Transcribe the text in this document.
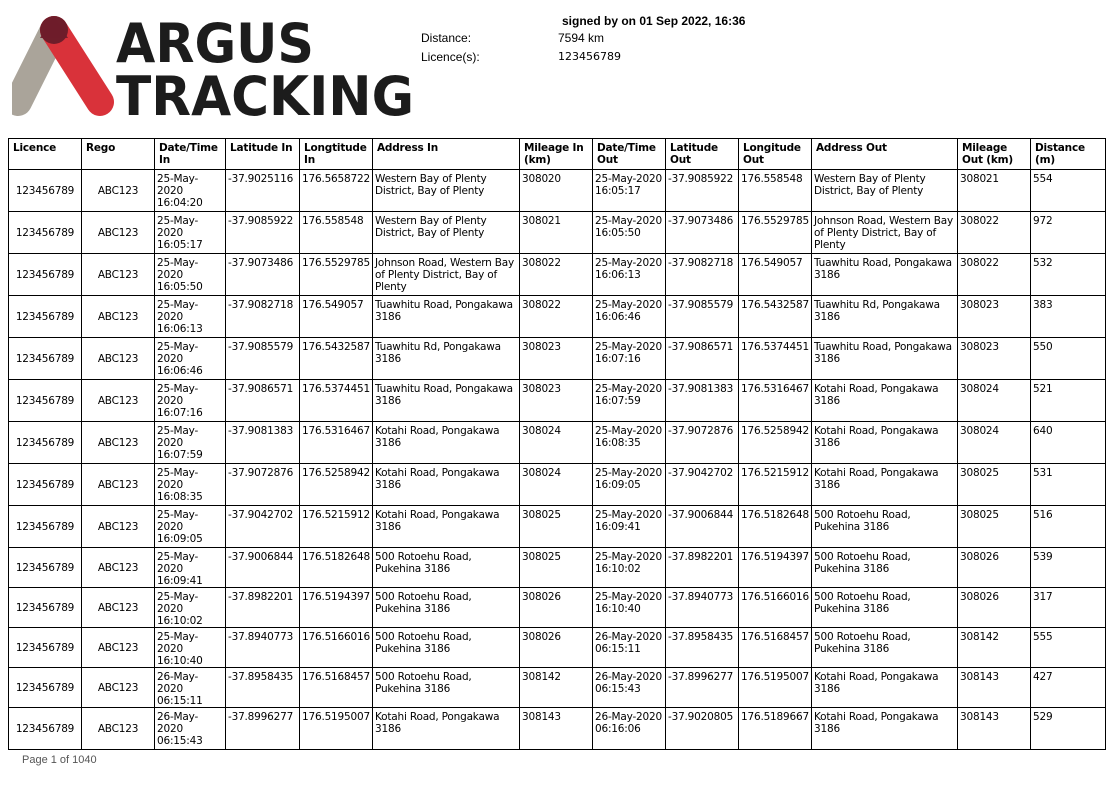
ARGUS
TRACKING
signed by on 01 Sep 2022, 16:36
Distance:	7594 km
Licence(s):	123456789
Licence	Rego	Date/Time In	Latitude In	Longtitude In	Address In	Mileage In (km)	Date/Time Out	Latitude Out	Longitude Out	Address Out	Mileage Out (km)	Distance (m)
123456789	ABC123	25-May-2020 16:04:20	-37.9025116	176.5658722	Western Bay of Plenty District, Bay of Plenty	308020	25-May-2020 16:05:17	-37.9085922	176.558548	Western Bay of Plenty District, Bay of Plenty	308021	554
123456789	ABC123	25-May-2020 16:05:17	-37.9085922	176.558548	Western Bay of Plenty District, Bay of Plenty	308021	25-May-2020 16:05:50	-37.9073486	176.5529785	Johnson Road, Western Bay of Plenty District, Bay of Plenty	308022	972
123456789	ABC123	25-May-2020 16:05:50	-37.9073486	176.5529785	Johnson Road, Western Bay of Plenty District, Bay of Plenty	308022	25-May-2020 16:06:13	-37.9082718	176.549057	Tuawhitu Road, Pongakawa 3186	308022	532
123456789	ABC123	25-May-2020 16:06:13	-37.9082718	176.549057	Tuawhitu Road, Pongakawa 3186	308022	25-May-2020 16:06:46	-37.9085579	176.5432587	Tuawhitu Rd, Pongakawa 3186	308023	383
123456789	ABC123	25-May-2020 16:06:46	-37.9085579	176.5432587	Tuawhitu Rd, Pongakawa 3186	308023	25-May-2020 16:07:16	-37.9086571	176.5374451	Tuawhitu Road, Pongakawa 3186	308023	550
123456789	ABC123	25-May-2020 16:07:16	-37.9086571	176.5374451	Tuawhitu Road, Pongakawa 3186	308023	25-May-2020 16:07:59	-37.9081383	176.5316467	Kotahi Road, Pongakawa 3186	308024	521
123456789	ABC123	25-May-2020 16:07:59	-37.9081383	176.5316467	Kotahi Road, Pongakawa 3186	308024	25-May-2020 16:08:35	-37.9072876	176.5258942	Kotahi Road, Pongakawa 3186	308024	640
123456789	ABC123	25-May-2020 16:08:35	-37.9072876	176.5258942	Kotahi Road, Pongakawa 3186	308024	25-May-2020 16:09:05	-37.9042702	176.5215912	Kotahi Road, Pongakawa 3186	308025	531
123456789	ABC123	25-May-2020 16:09:05	-37.9042702	176.5215912	Kotahi Road, Pongakawa 3186	308025	25-May-2020 16:09:41	-37.9006844	176.5182648	500 Rotoehu Road, Pukehina 3186	308025	516
123456789	ABC123	25-May-2020 16:09:41	-37.9006844	176.5182648	500 Rotoehu Road, Pukehina 3186	308025	25-May-2020 16:10:02	-37.8982201	176.5194397	500 Rotoehu Road, Pukehina 3186	308026	539
123456789	ABC123	25-May-2020 16:10:02	-37.8982201	176.5194397	500 Rotoehu Road, Pukehina 3186	308026	25-May-2020 16:10:40	-37.8940773	176.5166016	500 Rotoehu Road, Pukehina 3186	308026	317
123456789	ABC123	25-May-2020 16:10:40	-37.8940773	176.5166016	500 Rotoehu Road, Pukehina 3186	308026	26-May-2020 06:15:11	-37.8958435	176.5168457	500 Rotoehu Road, Pukehina 3186	308142	555
123456789	ABC123	26-May-2020 06:15:11	-37.8958435	176.5168457	500 Rotoehu Road, Pukehina 3186	308142	26-May-2020 06:15:43	-37.8996277	176.5195007	Kotahi Road, Pongakawa 3186	308143	427
123456789	ABC123	26-May-2020 06:15:43	-37.8996277	176.5195007	Kotahi Road, Pongakawa 3186	308143	26-May-2020 06:16:06	-37.9020805	176.5189667	Kotahi Road, Pongakawa 3186	308143	529
Page 1 of 1040
